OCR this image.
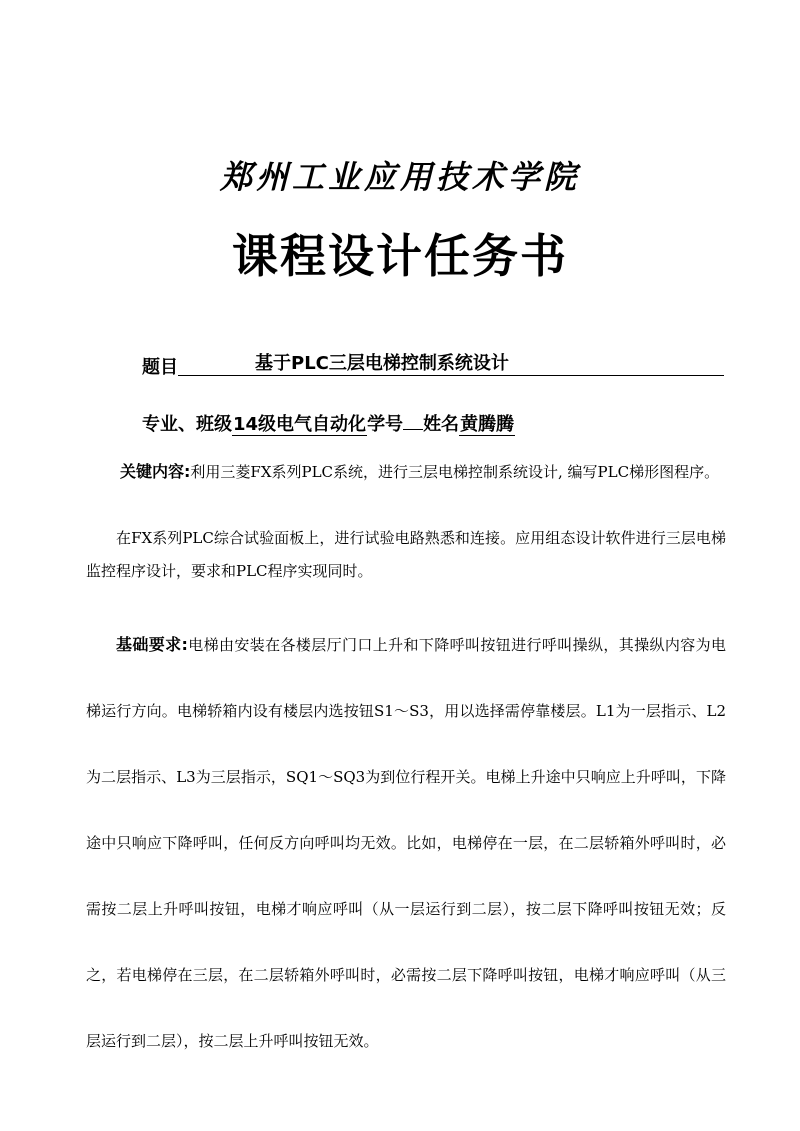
郑州工业应用技术学院
课程设计任务书
题目	基于PLC三层电梯控制系统设计
专业、班级14级电气自动化学号 姓名黄腾腾
关键内容:利用三菱FX系列PLC系统，进行三层电梯控制系统设计, 编写PLC梯形图程序。
在FX系列PLC综合试验面板上，进行试验电路熟悉和连接。应用组态设计软件进行三层电梯监控程序设计，要求和PLC程序实现同时。
基础要求:电梯由安装在各楼层厅门口上升和下降呼叫按钮进行呼叫操纵，其操纵内容为电梯运行方向。电梯轿箱内设有楼层内选按钮S1～S3，用以选择需停靠楼层。L1为一层指示、L2为二层指示、L3为三层指示，SQ1～SQ3为到位行程开关。电梯上升途中只响应上升呼叫，下降途中只响应下降呼叫，任何反方向呼叫均无效。比如，电梯停在一层，在二层轿箱外呼叫时，必需按二层上升呼叫按钮，电梯才响应呼叫（从一层运行到二层），按二层下降呼叫按钮无效；反之，若电梯停在三层，在二层轿箱外呼叫时，必需按二层下降呼叫按钮，电梯才响应呼叫（从三层运行到二层），按二层上升呼叫按钮无效。
